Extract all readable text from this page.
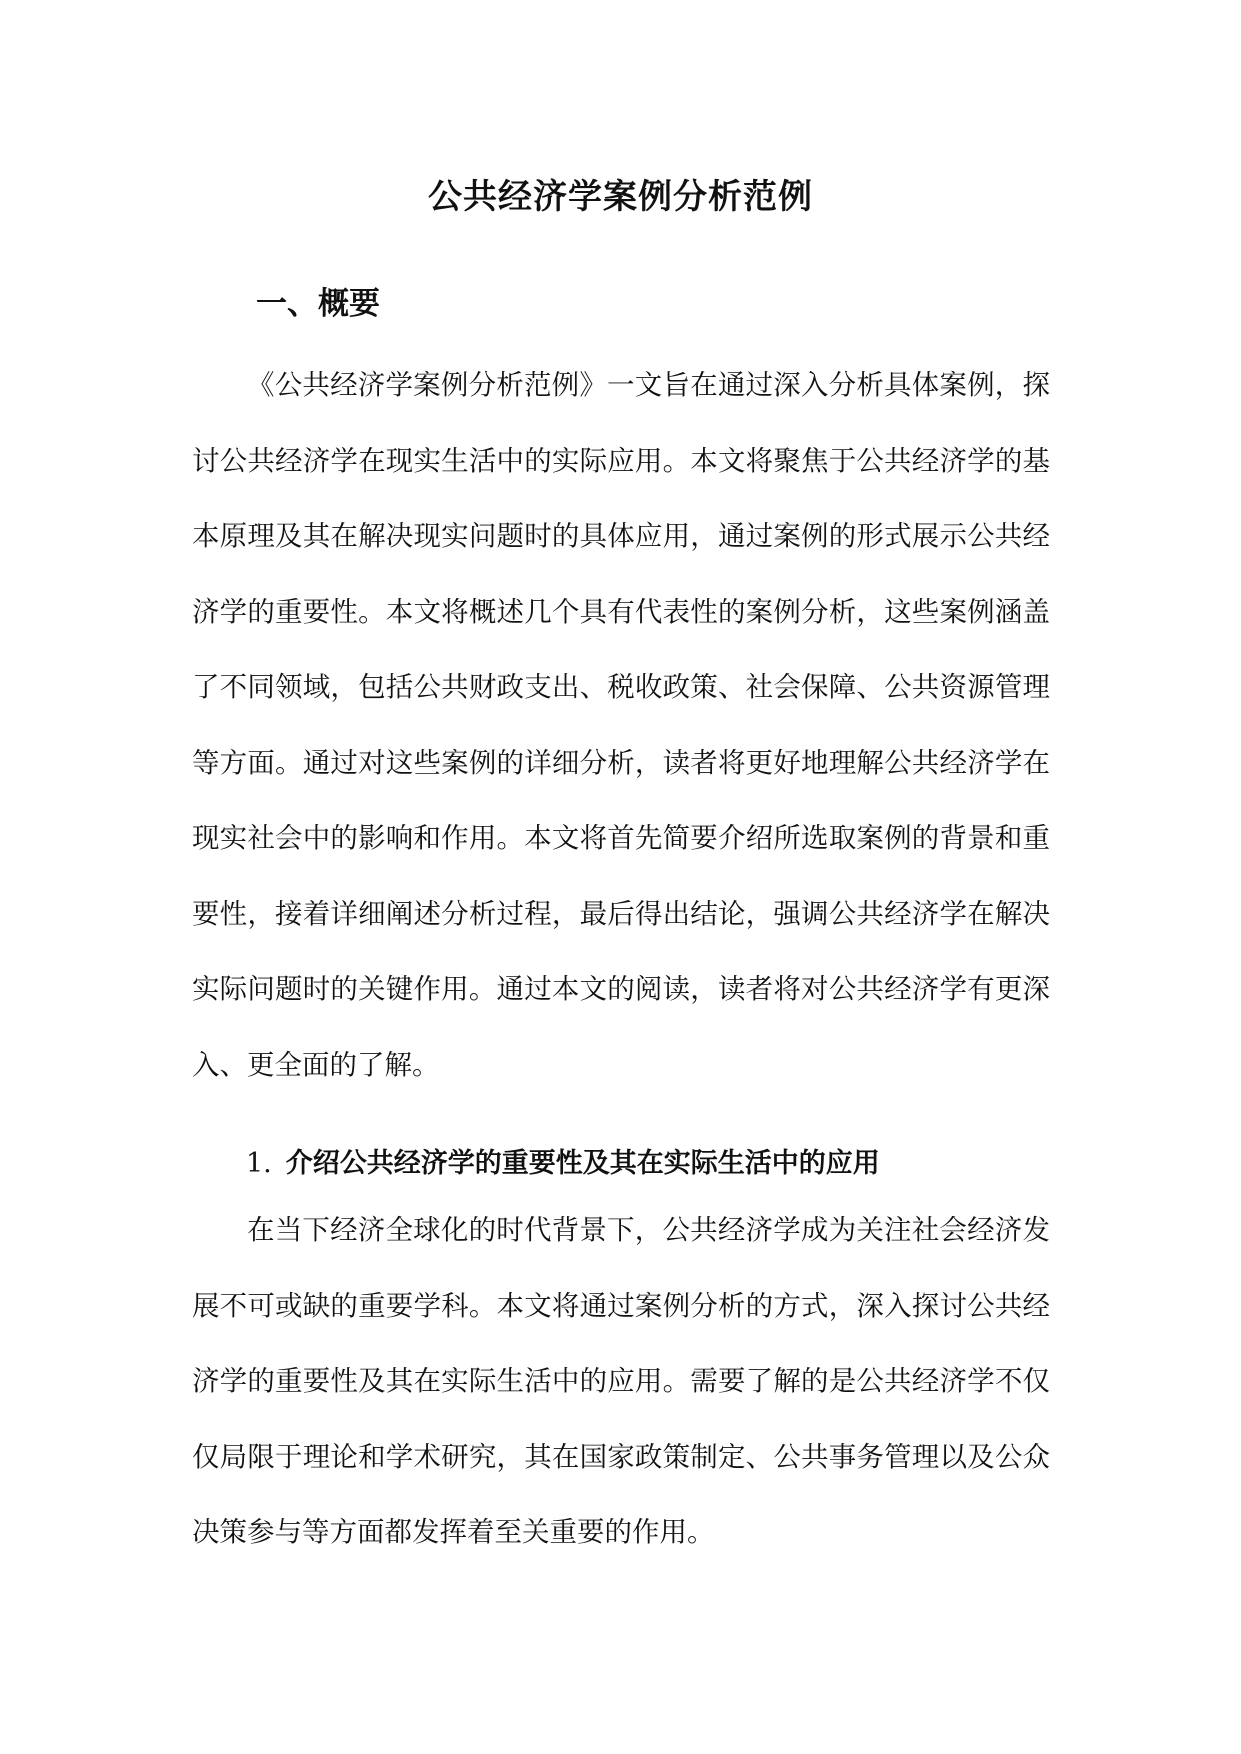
公共经济学案例分析范例
一、概要

《公共经济学案例分析范例》一文旨在通过深入分析具体案例，探讨公共经济学在现实生活中的实际应用。本文将聚焦于公共经济学的基本原理及其在解决现实问题时的具体应用，通过案例的形式展示公共经济学的重要性。本文将概述几个具有代表性的案例分析，这些案例涵盖了不同领域，包括公共财政支出、税收政策、社会保障、公共资源管理等方面。通过对这些案例的详细分析，读者将更好地理解公共经济学在现实社会中的影响和作用。本文将首先简要介绍所选取案例的背景和重要性，接着详细阐述分析过程，最后得出结论，强调公共经济学在解决实际问题时的关键作用。通过本文的阅读，读者将对公共经济学有更深入、更全面的了解。

1. 介绍公共经济学的重要性及其在实际生活中的应用

在当下经济全球化的时代背景下，公共经济学成为关注社会经济发展不可或缺的重要学科。本文将通过案例分析的方式，深入探讨公共经济学的重要性及其在实际生活中的应用。需要了解的是公共经济学不仅仅局限于理论和学术研究，其在国家政策制定、公共事务管理以及公众决策参与等方面都发挥着至关重要的作用。
